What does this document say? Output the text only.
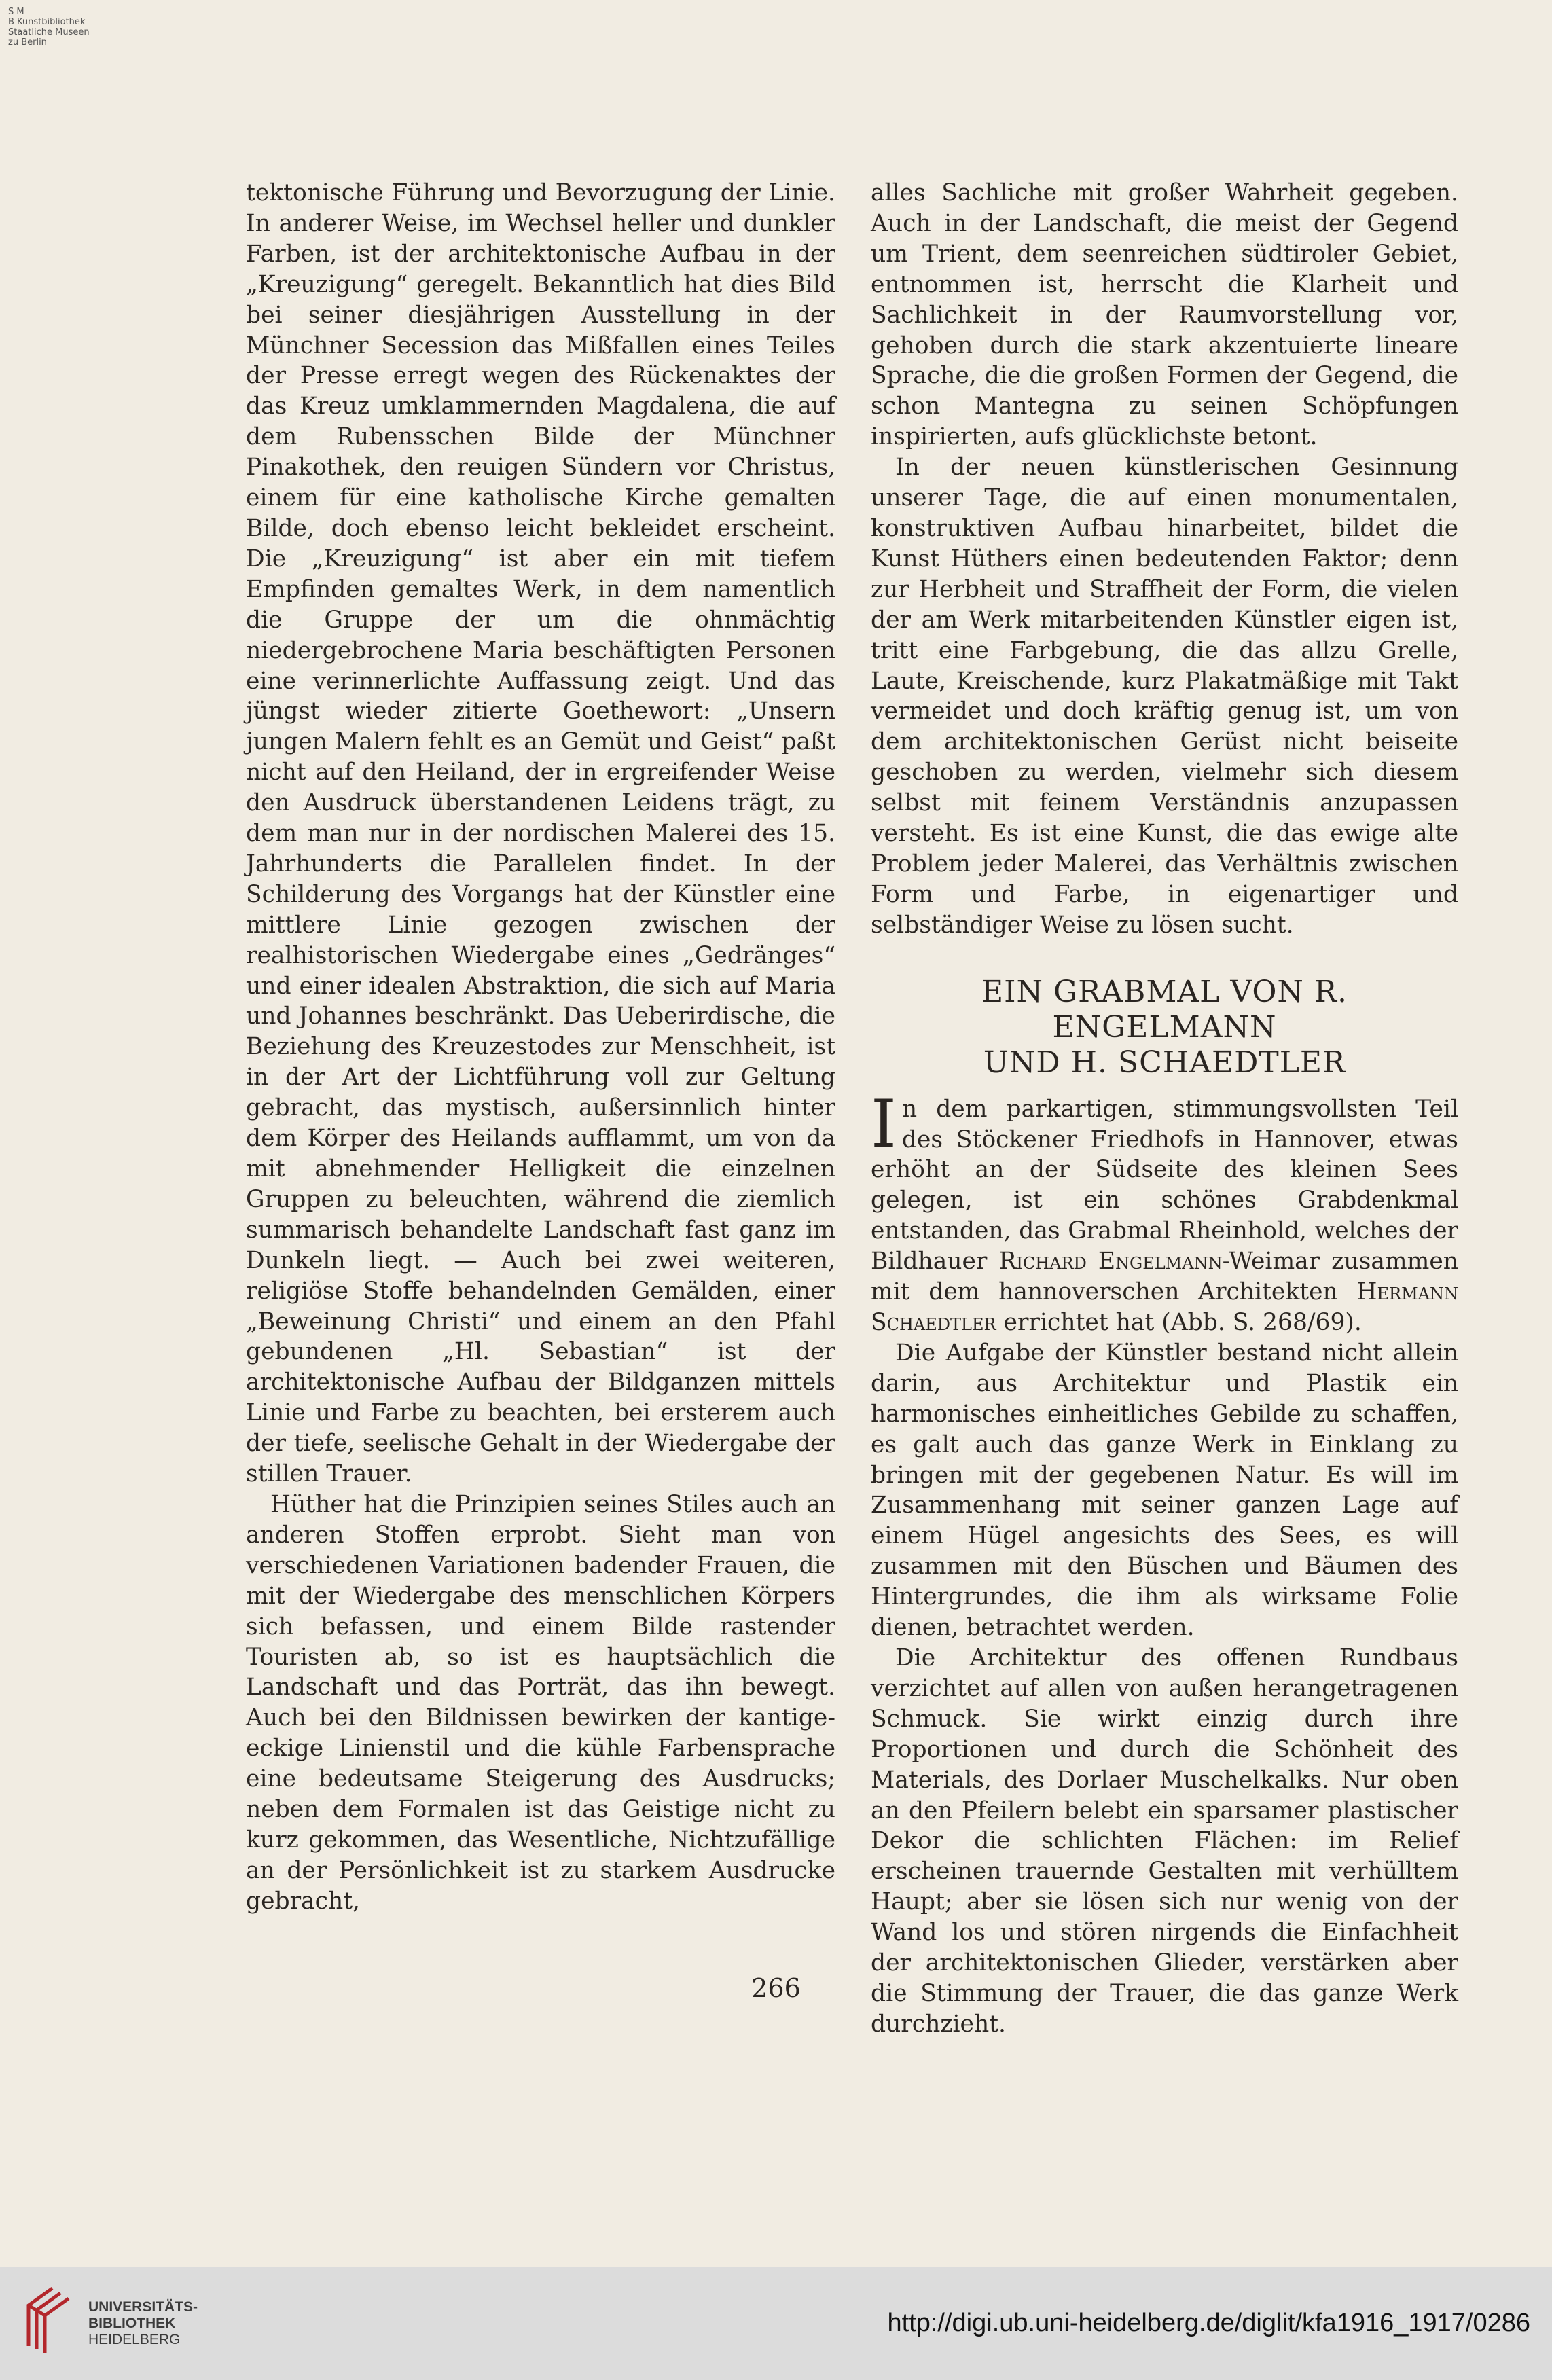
S M
B Kunstbibliothek
Staatliche Museen
zu Berlin

tektonische Führung und Bevorzugung der Linie. In anderer Weise, im Wechsel heller und dunkler Farben, ist der architektonische Aufbau in der „Kreuzigung“ geregelt. Bekanntlich hat dies Bild bei seiner diesjährigen Ausstellung in der Münchner Secession das Mißfallen eines Teiles der Presse erregt wegen des Rückenaktes der das Kreuz umklammernden Magdalena, die auf dem Rubensschen Bilde der Münchner Pinakothek, den reuigen Sündern vor Christus, einem für eine katholische Kirche gemalten Bilde, doch ebenso leicht bekleidet erscheint. Die „Kreuzigung“ ist aber ein mit tiefem Empfinden gemaltes Werk, in dem namentlich die Gruppe der um die ohnmächtig niedergebrochene Maria beschäftigten Personen eine verinnerlichte Auffassung zeigt. Und das jüngst wieder zitierte Goethewort: „Unsern jungen Malern fehlt es an Gemüt und Geist“ paßt nicht auf den Heiland, der in ergreifender Weise den Ausdruck überstandenen Leidens trägt, zu dem man nur in der nordischen Malerei des 15. Jahrhunderts die Parallelen findet. In der Schilderung des Vorgangs hat der Künstler eine mittlere Linie gezogen zwischen der realhistorischen Wiedergabe eines „Gedränges“ und einer idealen Abstraktion, die sich auf Maria und Johannes beschränkt. Das Ueberirdische, die Beziehung des Kreuzestodes zur Menschheit, ist in der Art der Lichtführung voll zur Geltung gebracht, das mystisch, außersinnlich hinter dem Körper des Heilands aufflammt, um von da mit abnehmender Helligkeit die einzelnen Gruppen zu beleuchten, während die ziemlich summarisch behandelte Landschaft fast ganz im Dunkeln liegt. — Auch bei zwei weiteren, religiöse Stoffe behandelnden Gemälden, einer „Beweinung Christi“ und einem an den Pfahl gebundenen „Hl. Sebastian“ ist der architektonische Aufbau der Bildganzen mittels Linie und Farbe zu beachten, bei ersterem auch der tiefe, seelische Gehalt in der Wiedergabe der stillen Trauer.

Hüther hat die Prinzipien seines Stiles auch an anderen Stoffen erprobt. Sieht man von verschiedenen Variationen badender Frauen, die mit der Wiedergabe des menschlichen Körpers sich befassen, und einem Bilde rastender Touristen ab, so ist es hauptsächlich die Landschaft und das Porträt, das ihn bewegt. Auch bei den Bildnissen bewirken der kantige-eckige Linienstil und die kühle Farbensprache eine bedeutsame Steigerung des Ausdrucks; neben dem Formalen ist das Geistige nicht zu kurz gekommen, das Wesentliche, Nichtzufällige an der Persönlichkeit ist zu starkem Ausdrucke gebracht,

alles Sachliche mit großer Wahrheit gegeben. Auch in der Landschaft, die meist der Gegend um Trient, dem seenreichen südtiroler Gebiet, entnommen ist, herrscht die Klarheit und Sachlichkeit in der Raumvorstellung vor, gehoben durch die stark akzentuierte lineare Sprache, die die großen Formen der Gegend, die schon Mantegna zu seinen Schöpfungen inspirierten, aufs glücklichste betont.

In der neuen künstlerischen Gesinnung unserer Tage, die auf einen monumentalen, konstruktiven Aufbau hinarbeitet, bildet die Kunst Hüthers einen bedeutenden Faktor; denn zur Herbheit und Straffheit der Form, die vielen der am Werk mitarbeitenden Künstler eigen ist, tritt eine Farbgebung, die das allzu Grelle, Laute, Kreischende, kurz Plakatmäßige mit Takt vermeidet und doch kräftig genug ist, um von dem architektonischen Gerüst nicht beiseite geschoben zu werden, vielmehr sich diesem selbst mit feinem Verständnis anzupassen versteht. Es ist eine Kunst, die das ewige alte Problem jeder Malerei, das Verhältnis zwischen Form und Farbe, in eigenartiger und selbständiger Weise zu lösen sucht.

EIN GRABMAL VON R. ENGELMANN
UND H. SCHAEDTLER

In dem parkartigen, stimmungsvollsten Teil des Stöckener Friedhofs in Hannover, etwas erhöht an der Südseite des kleinen Sees gelegen, ist ein schönes Grabdenkmal entstanden, das Grabmal Rheinhold, welches der Bildhauer Richard Engelmann-Weimar zusammen mit dem hannoverschen Architekten Hermann Schaedtler errichtet hat (Abb. S. 268/69).

Die Aufgabe der Künstler bestand nicht allein darin, aus Architektur und Plastik ein harmonisches einheitliches Gebilde zu schaffen, es galt auch das ganze Werk in Einklang zu bringen mit der gegebenen Natur. Es will im Zusammenhang mit seiner ganzen Lage auf einem Hügel angesichts des Sees, es will zusammen mit den Büschen und Bäumen des Hintergrundes, die ihm als wirksame Folie dienen, betrachtet werden.

Die Architektur des offenen Rundbaus verzichtet auf allen von außen herangetragenen Schmuck. Sie wirkt einzig durch ihre Proportionen und durch die Schönheit des Materials, des Dorlaer Muschelkalks. Nur oben an den Pfeilern belebt ein sparsamer plastischer Dekor die schlichten Flächen: im Relief erscheinen trauernde Gestalten mit verhülltem Haupt; aber sie lösen sich nur wenig von der Wand los und stören nirgends die Einfachheit der architektonischen Glieder, verstärken aber die Stimmung der Trauer, die das ganze Werk durchzieht.

266
UNIVERSITÄTS-
BIBLIOTHEK
HEIDELBERG
http://digi.ub.uni-heidelberg.de/diglit/kfa1916_1917/0286
